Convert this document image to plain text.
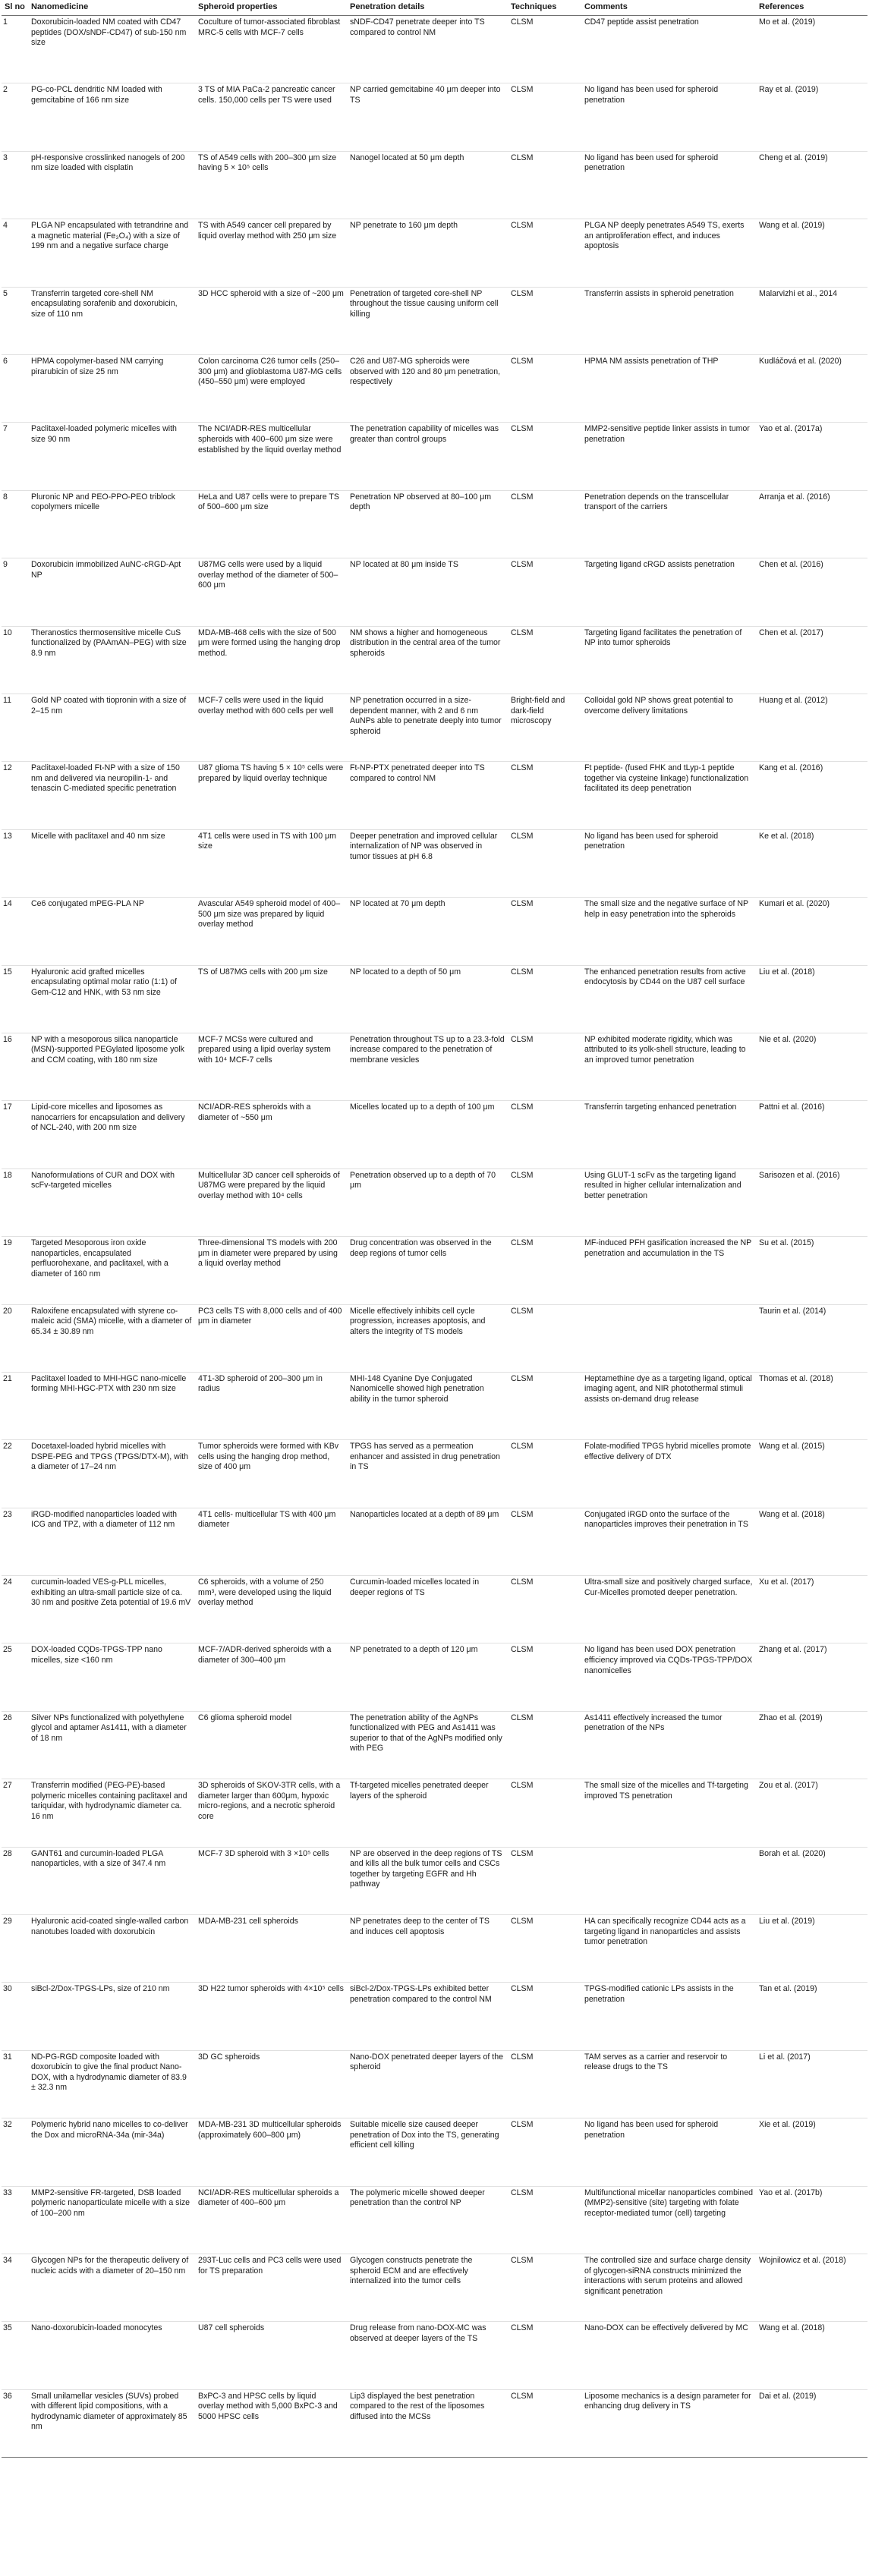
Sl no	Nanomedicine	Spheroid properties	Penetration details	Techniques	Comments	References
1	Doxorubicin-loaded NM coated with CD47 peptides (DOX/sNDF-CD47) of sub-150 nm size	Coculture of tumor-associated fibroblast MRC-5 cells with MCF-7 cells	sNDF-CD47 penetrate deeper into TS compared to control NM	CLSM	CD47 peptide assist penetration	Mo et al. (2019)
2	PG-co-PCL dendritic NM loaded with gemcitabine of 166 nm size	3 TS of MIA PaCa-2 pancreatic cancer cells. 150,000 cells per TS were used	NP carried gemcitabine 40 μm deeper into TS	CLSM	No ligand has been used for spheroid penetration	Ray et al. (2019)
3	pH-responsive crosslinked nanogels of 200 nm size loaded with cisplatin	TS of A549 cells with 200–300 μm size having 5 × 10⁵ cells	Nanogel located at 50 μm depth	CLSM	No ligand has been used for spheroid penetration	Cheng et al. (2019)
4	PLGA NP encapsulated with tetrandrine and a magnetic material (Fe₃O₄) with a size of 199 nm and a negative surface charge	TS with A549 cancer cell prepared by liquid overlay method with 250 μm size	NP penetrate to 160 μm depth	CLSM	PLGA NP deeply penetrates A549 TS, exerts an antiproliferation effect, and induces apoptosis	Wang et al. (2019)
5	Transferrin targeted core-shell NM encapsulating sorafenib and doxorubicin, size of 110 nm	3D HCC spheroid with a size of ~200 μm	Penetration of targeted core-shell NP throughout the tissue causing uniform cell killing	CLSM	Transferrin assists in spheroid penetration	Malarvizhi et al., 2014
6	HPMA copolymer-based NM carrying pirarubicin of size 25 nm	Colon carcinoma C26 tumor cells (250–300 μm) and glioblastoma U87-MG cells (450–550 μm) were employed	C26 and U87-MG spheroids were observed with 120 and 80 μm penetration, respectively	CLSM	HPMA NM assists penetration of THP	Kudláčová et al. (2020)
7	Paclitaxel-loaded polymeric micelles with size 90 nm	The NCI/ADR-RES multicellular spheroids with 400–600 μm size were established by the liquid overlay method	The penetration capability of micelles was greater than control groups	CLSM	MMP2-sensitive peptide linker assists in tumor penetration	Yao et al. (2017a)
8	Pluronic NP and PEO-PPO-PEO triblock copolymers micelle	HeLa and U87 cells were to prepare TS of 500–600 μm size	Penetration NP observed at 80–100 μm depth	CLSM	Penetration depends on the transcellular transport of the carriers	Arranja et al. (2016)
9	Doxorubicin immobilized AuNC-cRGD-Apt NP	U87MG cells were used by a liquid overlay method of the diameter of 500–600 μm	NP located at 80 μm inside TS	CLSM	Targeting ligand cRGD assists penetration	Chen et al. (2016)
10	Theranostics thermosensitive micelle CuS functionalized by (PAAmAN–PEG) with size 8.9 nm	MDA-MB-468 cells with the size of 500 μm were formed using the hanging drop method.	NM shows a higher and homogeneous distribution in the central area of the tumor spheroids	CLSM	Targeting ligand facilitates the penetration of NP into tumor spheroids	Chen et al. (2017)
11	Gold NP coated with tiopronin with a size of 2–15 nm	MCF-7 cells were used in the liquid overlay method with 600 cells per well	NP penetration occurred in a size-dependent manner, with 2 and 6 nm AuNPs able to penetrate deeply into tumor spheroid	Bright-field and dark-field microscopy	Colloidal gold NP shows great potential to overcome delivery limitations	Huang et al. (2012)
12	Paclitaxel-loaded Ft-NP with a size of 150 nm and delivered via neuropilin-1- and tenascin C-mediated specific penetration	U87 glioma TS having 5 × 10⁵ cells were prepared by liquid overlay technique	Ft-NP-PTX penetrated deeper into TS compared to control NM	CLSM	Ft peptide- (fused FHK and tLyp-1 peptide together via cysteine linkage) functionalization facilitated its deep penetration	Kang et al. (2016)
13	Micelle with paclitaxel and 40 nm size	4T1 cells were used in TS with 100 μm size	Deeper penetration and improved cellular internalization of NP was observed in tumor tissues at pH 6.8	CLSM	No ligand has been used for spheroid penetration	Ke et al. (2018)
14	Ce6 conjugated mPEG-PLA NP	Avascular A549 spheroid model of 400–500 μm size was prepared by liquid overlay method	NP located at 70 μm depth	CLSM	The small size and the negative surface of NP help in easy penetration into the spheroids	Kumari et al. (2020)
15	Hyaluronic acid grafted micelles encapsulating optimal molar ratio (1:1) of Gem-C12 and HNK, with 53 nm size	TS of U87MG cells with 200 μm size	NP located to a depth of 50 μm	CLSM	The enhanced penetration results from active endocytosis by CD44 on the U87 cell surface	Liu et al. (2018)
16	NP with a mesoporous silica nanoparticle (MSN)-supported PEGylated liposome yolk and CCM coating, with 180 nm size	MCF-7 MCSs were cultured and prepared using a lipid overlay system with 10⁴ MCF-7 cells	Penetration throughout TS up to a 23.3-fold increase compared to the penetration of membrane vesicles	CLSM	NP exhibited moderate rigidity, which was attributed to its yolk-shell structure, leading to an improved tumor penetration	Nie et al. (2020)
17	Lipid-core micelles and liposomes as nanocarriers for encapsulation and delivery of NCL-240, with 200 nm size	NCI/ADR-RES spheroids with a diameter of ~550 μm	Micelles located up to a depth of 100 μm	CLSM	Transferrin targeting enhanced penetration	Pattni et al. (2016)
18	Nanoformulations of CUR and DOX with scFv-targeted micelles	Multicellular 3D cancer cell spheroids of U87MG were prepared by the liquid overlay method with 10⁴ cells	Penetration observed up to a depth of 70 μm	CLSM	Using GLUT-1 scFv as the targeting ligand resulted in higher cellular internalization and better penetration	Sarisozen et al. (2016)
19	Targeted Mesoporous iron oxide nanoparticles, encapsulated perfluorohexane, and paclitaxel, with a diameter of 160 nm	Three-dimensional TS models with 200 μm in diameter were prepared by using a liquid overlay method	Drug concentration was observed in the deep regions of tumor cells	CLSM	MF-induced PFH gasification increased the NP penetration and accumulation in the TS	Su et al. (2015)
20	Raloxifene encapsulated with styrene co-maleic acid (SMA) micelle, with a diameter of 65.34 ± 30.89 nm	PC3 cells TS with 8,000 cells and of 400 μm in diameter	Micelle effectively inhibits cell cycle progression, increases apoptosis, and alters the integrity of TS models	CLSM		Taurin et al. (2014)
21	Paclitaxel loaded to MHI-HGC nano-micelle forming MHI-HGC-PTX with 230 nm size	4T1-3D spheroid of 200–300 μm in radius	MHI-148 Cyanine Dye Conjugated Nanomicelle showed high penetration ability in the tumor spheroid	CLSM	Heptamethine dye as a targeting ligand, optical imaging agent, and NIR photothermal stimuli assists on-demand drug release	Thomas et al. (2018)
22	Docetaxel-loaded hybrid micelles with DSPE-PEG and TPGS (TPGS/DTX-M), with a diameter of 17–24 nm	Tumor spheroids were formed with KBv cells using the hanging drop method, size of 400 μm	TPGS has served as a permeation enhancer and assisted in drug penetration in TS	CLSM	Folate-modified TPGS hybrid micelles promote effective delivery of DTX	Wang et al. (2015)
23	iRGD-modified nanoparticles loaded with ICG and TPZ, with a diameter of 112 nm	4T1 cells- multicellular TS with 400 μm diameter	Nanoparticles located at a depth of 89 μm	CLSM	Conjugated iRGD onto the surface of the nanoparticles improves their penetration in TS	Wang et al. (2018)
24	curcumin-loaded VES-g-PLL micelles, exhibiting an ultra-small particle size of ca. 30 nm and positive Zeta potential of 19.6 mV	C6 spheroids, with a volume of 250 mm³, were developed using the liquid overlay method	Curcumin-loaded micelles located in deeper regions of TS	CLSM	Ultra-small size and positively charged surface, Cur-Micelles promoted deeper penetration.	Xu et al. (2017)
25	DOX-loaded CQDs-TPGS-TPP nano micelles, size <160 nm	MCF-7/ADR-derived spheroids with a diameter of 300–400 μm	NP penetrated to a depth of 120 μm	CLSM	No ligand has been used DOX penetration efficiency improved via CQDs-TPGS-TPP/DOX nanomicelles	Zhang et al. (2017)
26	Silver NPs functionalized with polyethylene glycol and aptamer As1411, with a diameter of 18 nm	C6 glioma spheroid model	The penetration ability of the AgNPs functionalized with PEG and As1411 was superior to that of the AgNPs modified only with PEG	CLSM	As1411 effectively increased the tumor penetration of the NPs	Zhao et al. (2019)
27	Transferrin modified (PEG-PE)-based polymeric micelles containing paclitaxel and tariquidar, with hydrodynamic diameter ca. 16 nm	3D spheroids of SKOV-3TR cells, with a diameter larger than 600μm, hypoxic micro-regions, and a necrotic spheroid core	Tf-targeted micelles penetrated deeper layers of the spheroid	CLSM	The small size of the micelles and Tf-targeting improved TS penetration	Zou et al. (2017)
28	GANT61 and curcumin-loaded PLGA nanoparticles, with a size of 347.4 nm	MCF-7 3D spheroid with 3 ×10⁵ cells	NP are observed in the deep regions of TS and kills all the bulk tumor cells and CSCs together by targeting EGFR and Hh pathway	CLSM		Borah et al. (2020)
29	Hyaluronic acid-coated single-walled carbon nanotubes loaded with doxorubicin	MDA-MB-231 cell spheroids	NP penetrates deep to the center of TS and induces cell apoptosis	CLSM	HA can specifically recognize CD44 acts as a targeting ligand in nanoparticles and assists tumor penetration	Liu et al. (2019)
30	siBcl-2/Dox-TPGS-LPs, size of 210 nm	3D H22 tumor spheroids with 4×10⁵ cells	siBcl-2/Dox-TPGS-LPs exhibited better penetration compared to the control NM	CLSM	TPGS-modified cationic LPs assists in the penetration	Tan et al. (2019)
31	ND-PG-RGD composite loaded with doxorubicin to give the final product Nano-DOX, with a hydrodynamic diameter of 83.9 ± 32.3 nm	3D GC spheroids	Nano-DOX penetrated deeper layers of the spheroid	CLSM	TAM serves as a carrier and reservoir to release drugs to the TS	Li et al. (2017)
32	Polymeric hybrid nano micelles to co-deliver the Dox and microRNA-34a (mir-34a)	MDA-MB-231 3D multicellular spheroids (approximately 600–800 μm)	Suitable micelle size caused deeper penetration of Dox into the TS, generating efficient cell killing	CLSM	No ligand has been used for spheroid penetration	Xie et al. (2019)
33	MMP2-sensitive FR-targeted, DSB loaded polymeric nanoparticulate micelle with a size of 100–200 nm	NCI/ADR-RES multicellular spheroids a diameter of 400–600 μm	The polymeric micelle showed deeper penetration than the control NP	CLSM	Multifunctional micellar nanoparticles combined (MMP2)-sensitive (site) targeting with folate receptor-mediated tumor (cell) targeting	Yao et al. (2017b)
34	Glycogen NPs for the therapeutic delivery of nucleic acids with a diameter of 20–150 nm	293T-Luc cells and PC3 cells were used for TS preparation	Glycogen constructs penetrate the spheroid ECM and are effectively internalized into the tumor cells	CLSM	The controlled size and surface charge density of glycogen-siRNA constructs minimized the interactions with serum proteins and allowed significant penetration	Wojnilowicz et al. (2018)
35	Nano-doxorubicin-loaded monocytes	U87 cell spheroids	Drug release from nano-DOX-MC was observed at deeper layers of the TS	CLSM	Nano-DOX can be effectively delivered by MC	Wang et al. (2018)
36	Small unilamellar vesicles (SUVs) probed with different lipid compositions, with a hydrodynamic diameter of approximately 85 nm	BxPC-3 and HPSC cells by liquid overlay method with 5,000 BxPC-3 and 5000 HPSC cells	Lip3 displayed the best penetration compared to the rest of the liposomes diffused into the MCSs	CLSM	Liposome mechanics is a design parameter for enhancing drug delivery in TS	Dai et al. (2019)
